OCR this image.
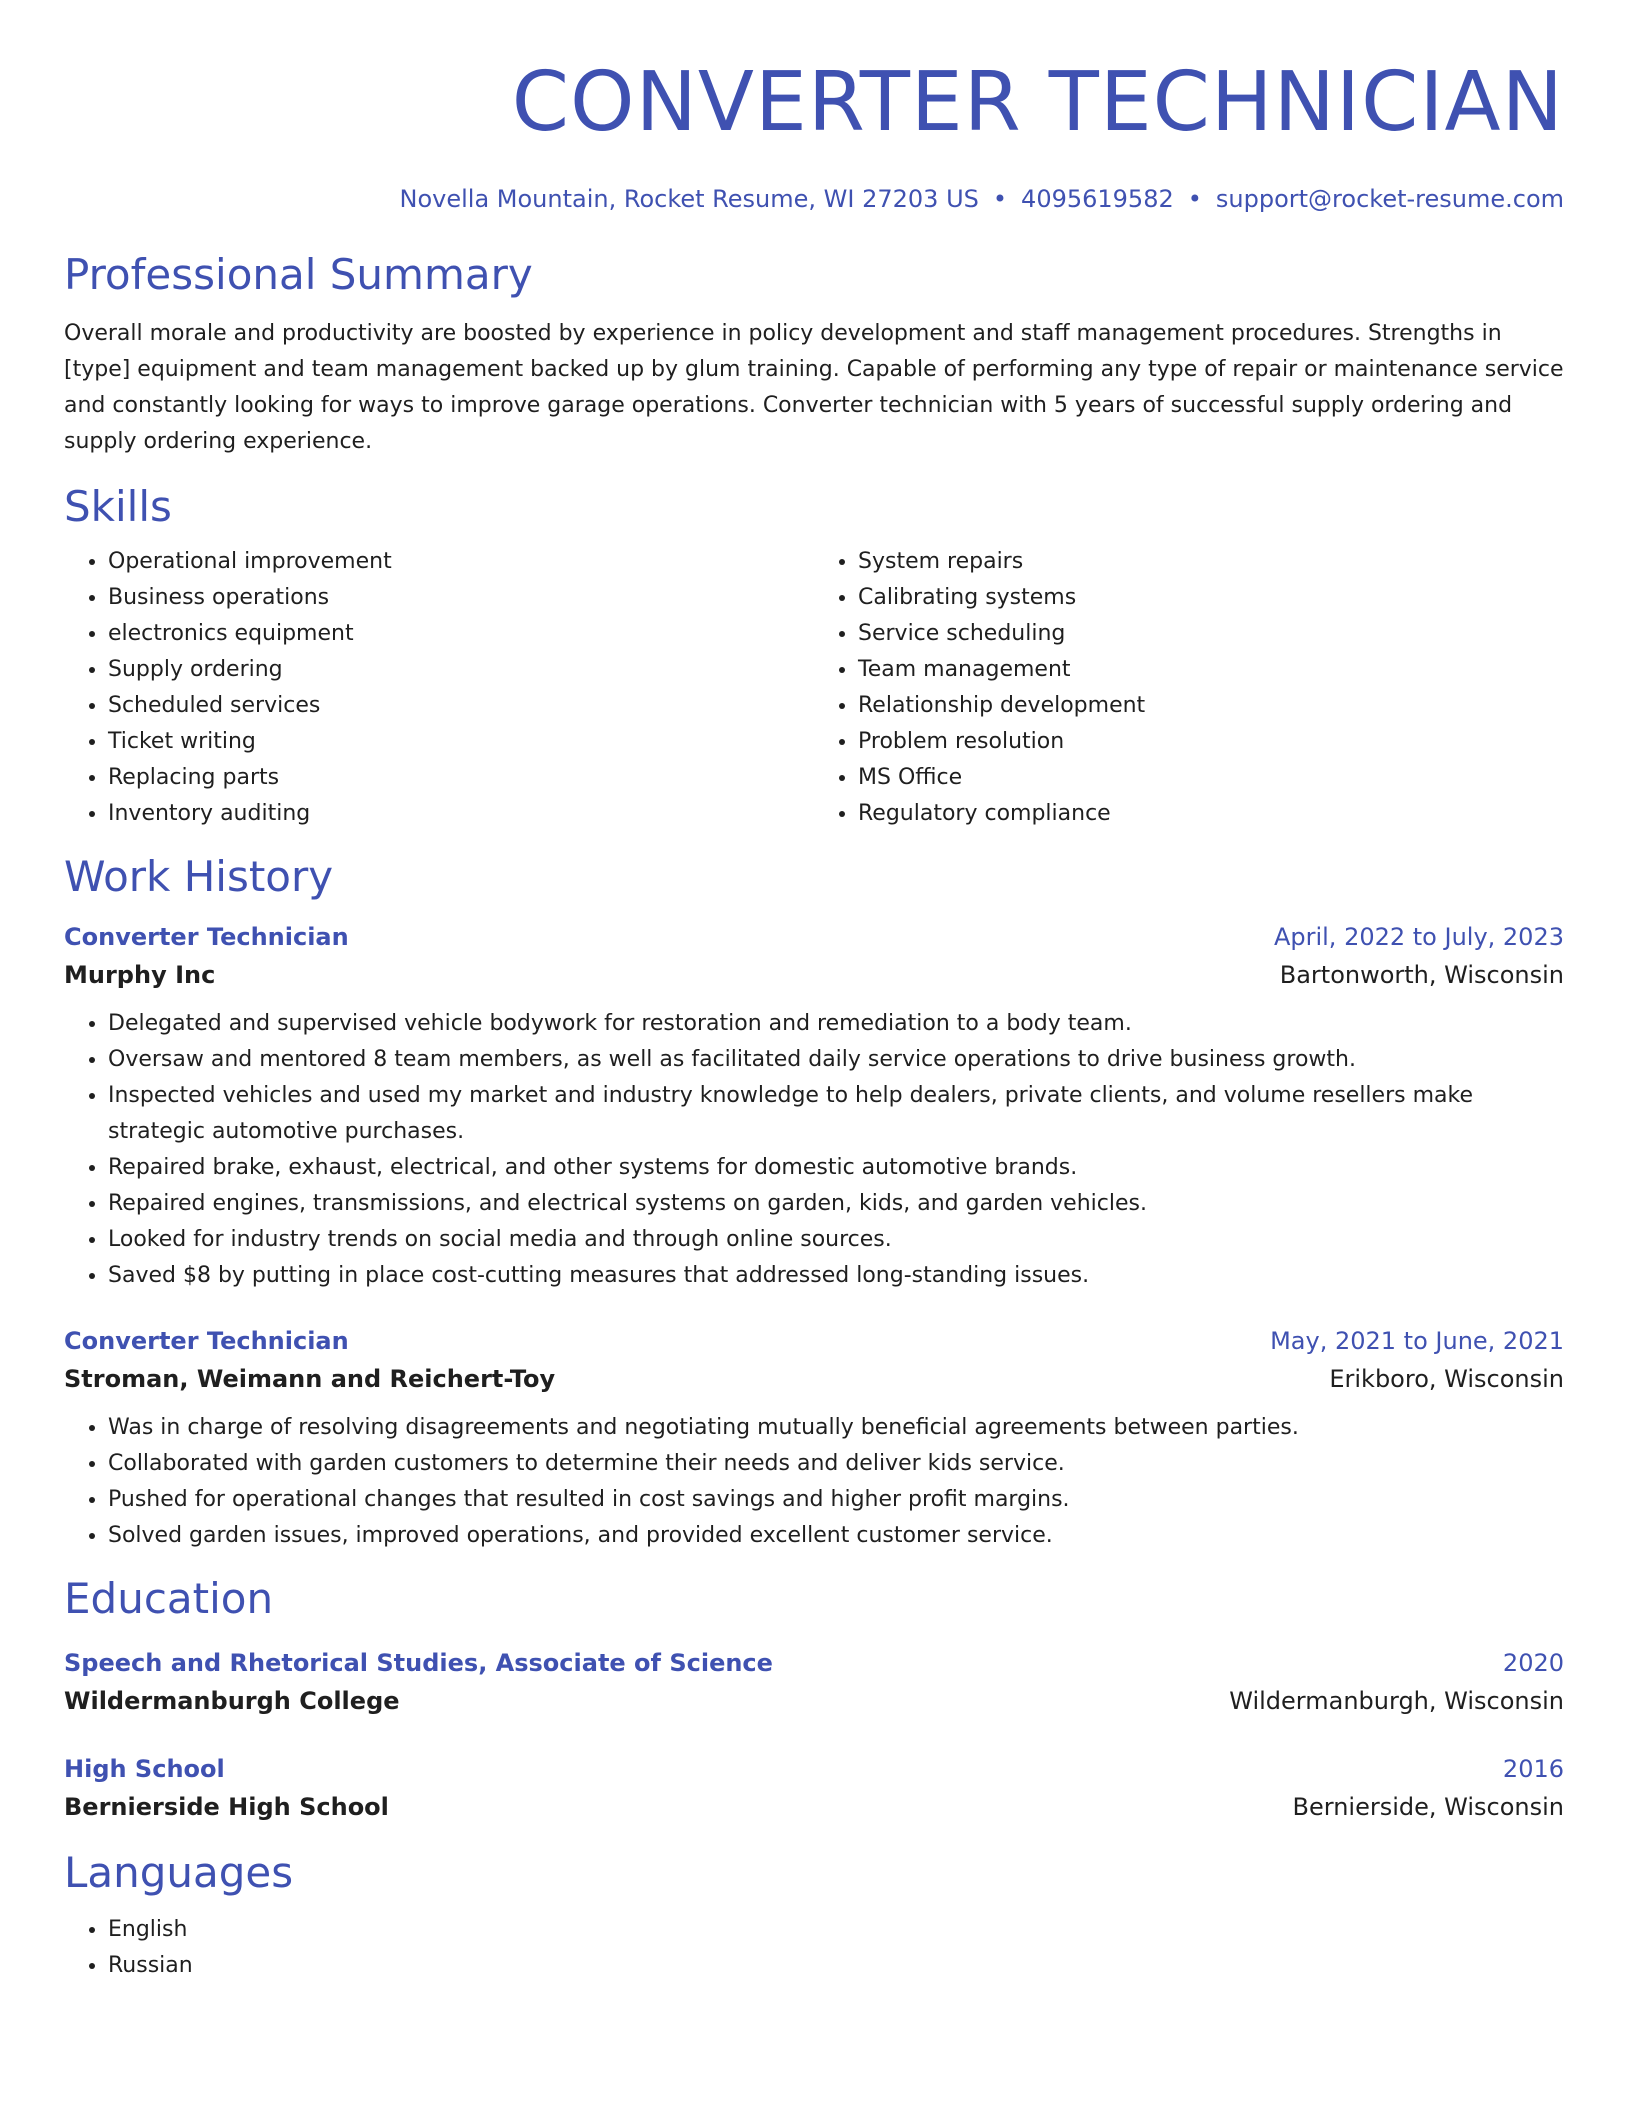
CONVERTER TECHNICIAN
Novella Mountain, Rocket Resume, WI 27203 US • 4095619582 • support@rocket-resume.com
Professional Summary
Overall morale and productivity are boosted by experience in policy development and staff management procedures. Strengths in [type] equipment and team management backed up by glum training. Capable of performing any type of repair or maintenance service and constantly looking for ways to improve garage operations. Converter technician with 5 years of successful supply ordering and supply ordering experience.
Skills
• Operational improvement
• Business operations
• electronics equipment
• Supply ordering
• Scheduled services
• Ticket writing
• Replacing parts
• Inventory auditing
• System repairs
• Calibrating systems
• Service scheduling
• Team management
• Relationship development
• Problem resolution
• MS Office
• Regulatory compliance
Work History
Converter Technician	April, 2022 to July, 2023
Murphy Inc	Bartonworth, Wisconsin
• Delegated and supervised vehicle bodywork for restoration and remediation to a body team.
• Oversaw and mentored 8 team members, as well as facilitated daily service operations to drive business growth.
• Inspected vehicles and used my market and industry knowledge to help dealers, private clients, and volume resellers make strategic automotive purchases.
• Repaired brake, exhaust, electrical, and other systems for domestic automotive brands.
• Repaired engines, transmissions, and electrical systems on garden, kids, and garden vehicles.
• Looked for industry trends on social media and through online sources.
• Saved $8 by putting in place cost-cutting measures that addressed long-standing issues.
Converter Technician	May, 2021 to June, 2021
Stroman, Weimann and Reichert-Toy	Erikboro, Wisconsin
• Was in charge of resolving disagreements and negotiating mutually beneficial agreements between parties.
• Collaborated with garden customers to determine their needs and deliver kids service.
• Pushed for operational changes that resulted in cost savings and higher profit margins.
• Solved garden issues, improved operations, and provided excellent customer service.
Education
Speech and Rhetorical Studies, Associate of Science	2020
Wildermanburgh College	Wildermanburgh, Wisconsin
High School	2016
Bernierside High School	Bernierside, Wisconsin
Languages
• English
• Russian
